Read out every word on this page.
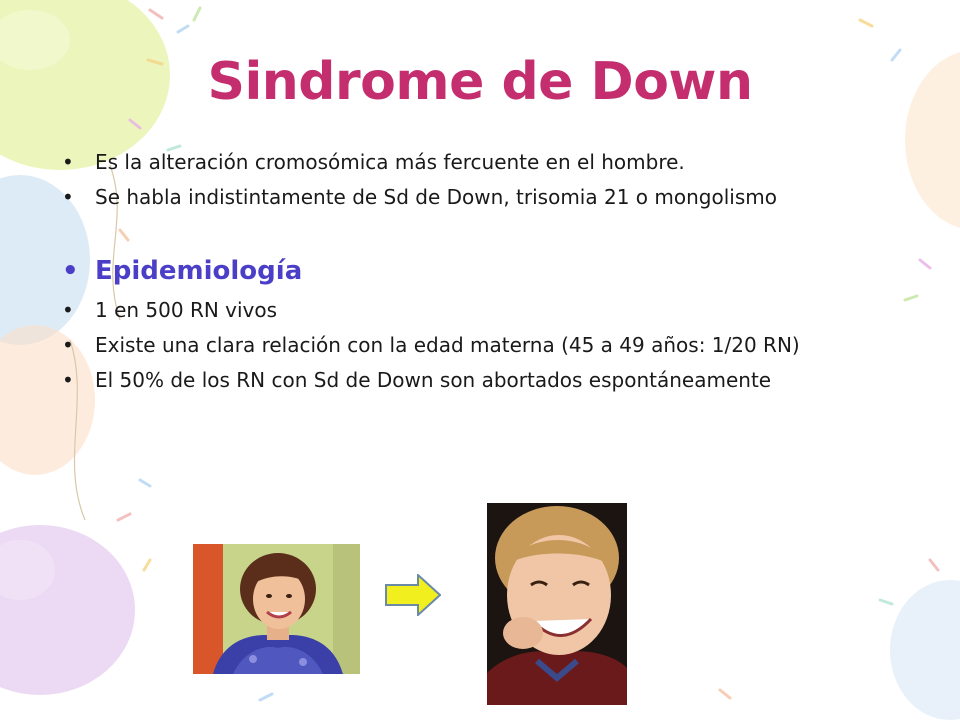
Sindrome de Down
• Es la alteración cromosómica más fercuente en el hombre.
• Se habla indistintamente de Sd de Down, trisomia 21 o mongolismo
• Epidemiología
• 1 en 500 RN vivos
• Existe una clara relación con la edad materna (45 a 49 años: 1/20 RN)
• El 50% de los RN con Sd de Down son abortados espontáneamente
